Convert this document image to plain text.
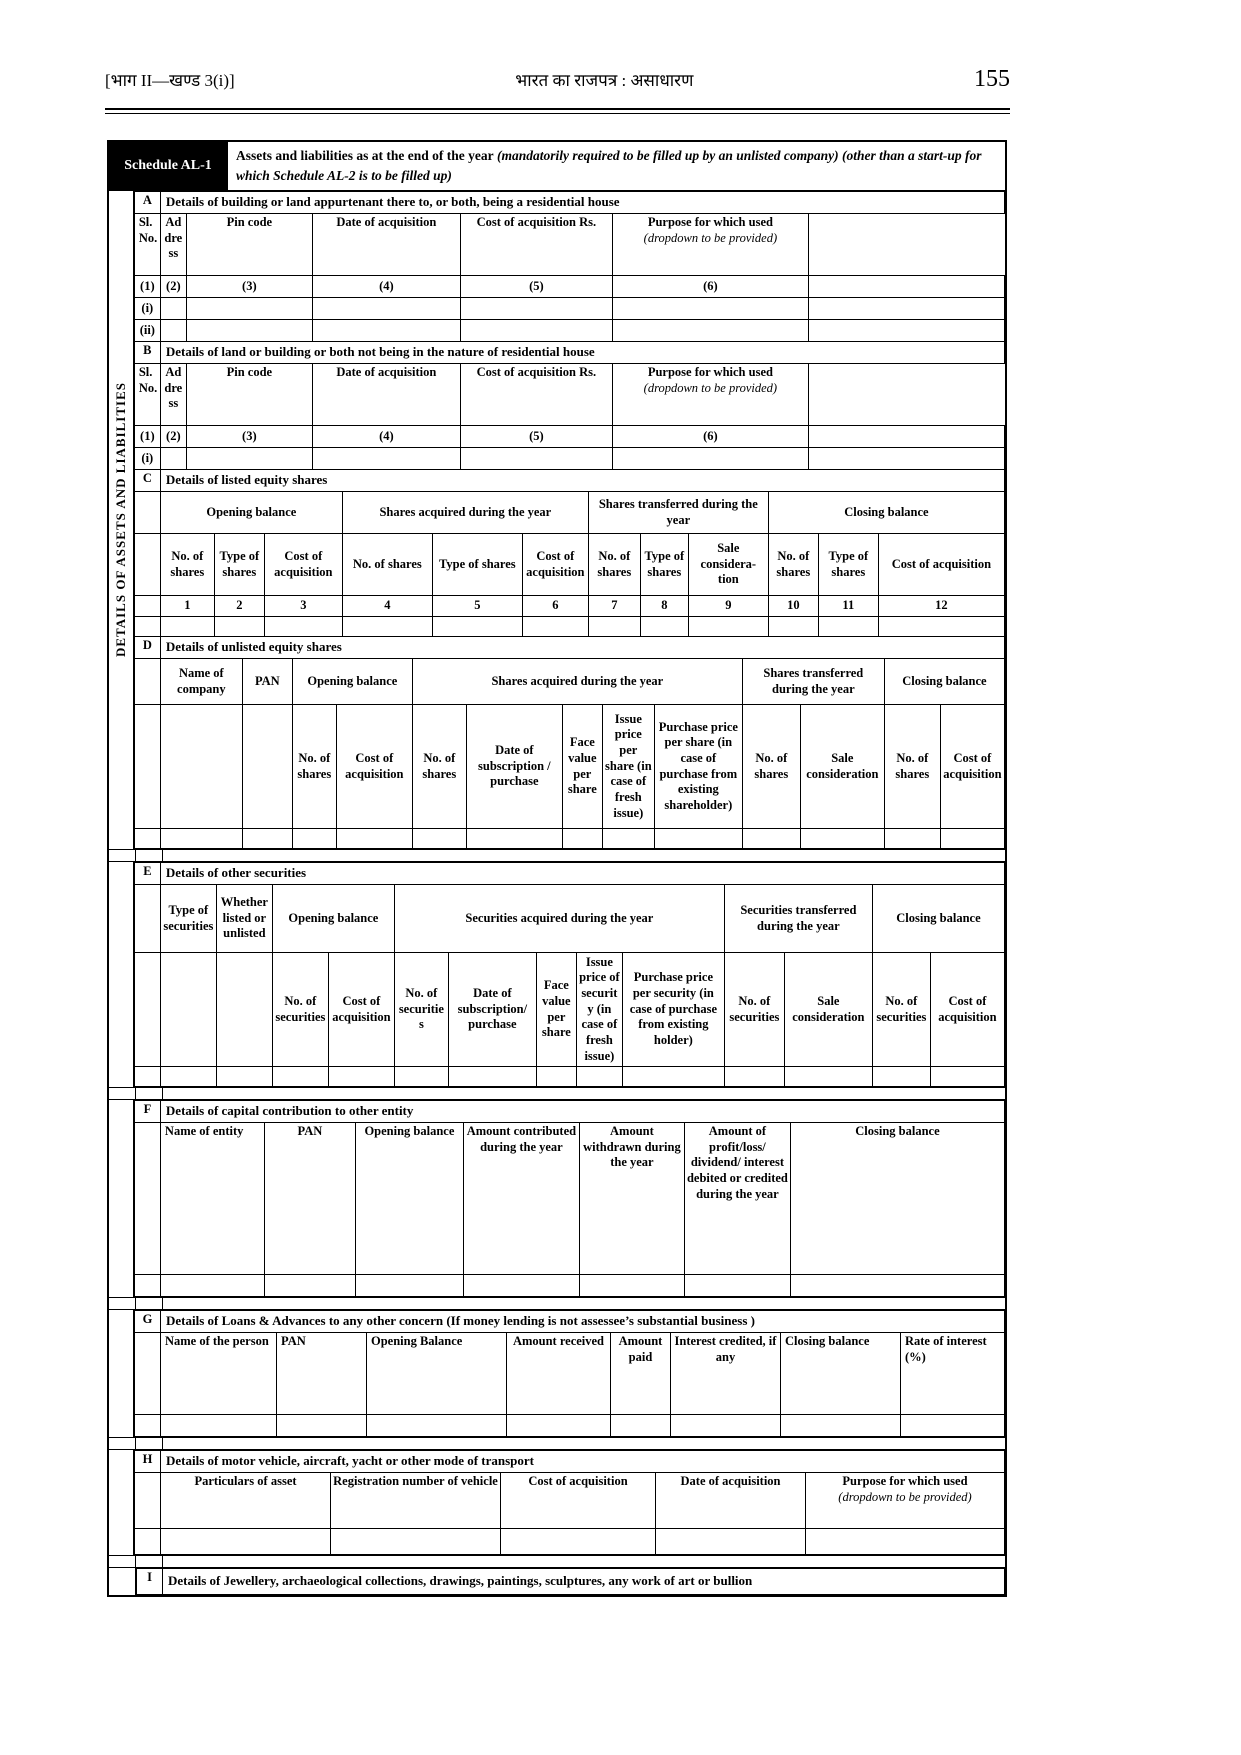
[भाग II—खण्ड 3(i)]	भारत का राजपत्र : असाधारण	155
Schedule AL-1
Assets and liabilities as at the end of the year (mandatorily required to be filled up by an unlisted company) (other than a start-up for which Schedule AL-2 is to be filled up)
DETAILS OF ASSETS AND LIABILITIES
A	Details of building or land appurtenant there to, or both, being a residential house					
Sl. No.	Address	Pin code	Date of acquisition	Cost of acquisition Rs.	Purpose for which used
(dropdown to be provided)	
(1)	(2)	(3)	(4)	(5)	(6)	
(i)						
(ii)						
B	Details of land or building or both not being in the nature of residential house					
Sl. No.	Address	Pin code	Date of acquisition	Cost of acquisition Rs.	Purpose for which used
(dropdown to be provided)	
(1)	(2)	(3)	(4)	(5)	(6)	
(i)						
C	Details of listed equity shares											
	Opening balance			Shares acquired during the year			Shares transferred during the year			Closing balance		
	No. of shares	Type of shares	Cost of acquisition	No. of shares	Type of shares	Cost of acquisition	No. of shares	Type of shares	Sale considera-tion	No. of shares	Type of shares	Cost of acquisition
	1	2	3	4	5	6	7	8	9	10	11	12

D	Details of unlisted equity shares												
	Name of company	PAN	Opening balance		Shares acquired during the year					Shares transferred during the year		Closing balance	
			No. of shares	Cost of acquisition	No. of shares	Date of subscription / purchase	Face value per share	Issue price per share (in case of fresh issue)	Purchase price per share (in case of purchase from existing shareholder)	No. of shares	Sale consideration	No. of shares	Cost of acquisition

E	Details of other securities												
	Type of securities	Whether listed or unlisted	Opening balance		Securities acquired during the year					Securities transferred during the year		Closing balance	
			No. of securities	Cost of acquisition	No. of securities	Date of subscription/ purchase	Face value per share	Issue price of security (in case of fresh issue)	Purchase price per security (in case of purchase from existing holder)	No. of securities	Sale consideration	No. of securities	Cost of acquisition

F	Details of capital contribution to other entity						
	Name of entity	PAN	Opening balance	Amount contributed during the year	Amount withdrawn during the year	Amount of profit/loss/ dividend/ interest debited or credited during the year	Closing balance

G	Details of Loans & Advances to any other concern (If money lending is not assessee’s substantial business )							
	Name of the person	PAN	Opening Balance	Amount received	Amount paid	Interest credited, if any	Closing balance	Rate of interest (%)

H	Details of motor vehicle, aircraft, yacht or other mode of transport				
	Particulars of asset	Registration number of vehicle	Cost of acquisition	Date of acquisition	Purpose for which used
(dropdown to be provided)

I	Details of Jewellery, archaeological collections, drawings, paintings, sculptures, any work of art or bullion
